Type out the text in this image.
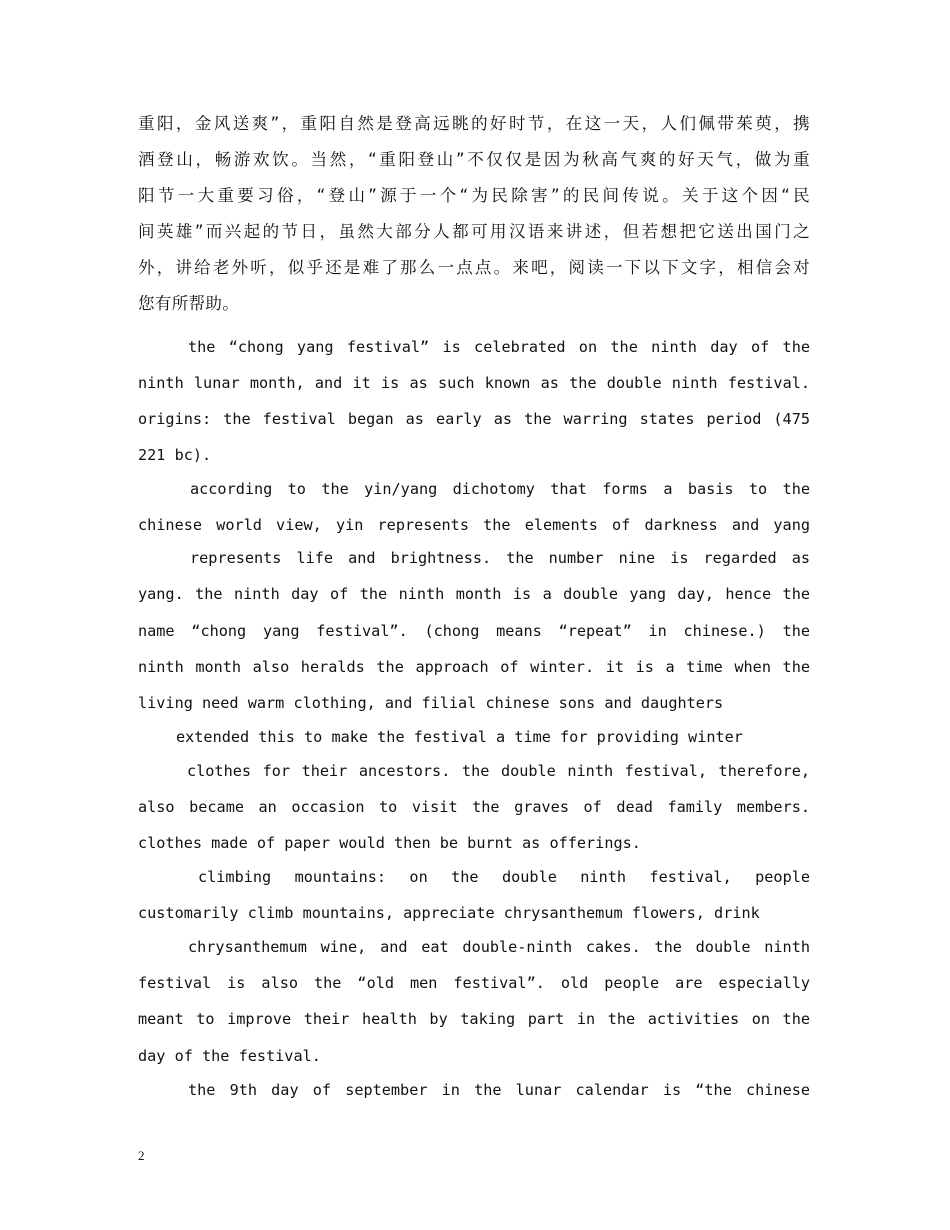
重阳，金风送爽”，重阳自然是登高远眺的好时节，在这一天，人们佩带茱萸，携
酒登山，畅游欢饮。当然，“重阳登山”不仅仅是因为秋高气爽的好天气，做为重
阳节一大重要习俗，“登山”源于一个“为民除害”的民间传说。关于这个因“民
间英雄”而兴起的节日，虽然大部分人都可用汉语来讲述，但若想把它送出国门之
外，讲给老外听，似乎还是难了那么一点点。来吧，阅读一下以下文字，相信会对
您有所帮助。
the “chong yang festival” is celebrated on the ninth day of the
ninth lunar month, and it is as such known as the double ninth festival.
origins: the festival began as early as the warring states period (475
221 bc).
according to the yin/yang dichotomy that forms a basis to the
chinese world view, yin represents the elements of darkness and yang
represents life and brightness. the number nine is regarded as
yang. the ninth day of the ninth month is a double yang day, hence the
name “chong yang festival”. (chong means “repeat” in chinese.) the
ninth month also heralds the approach of winter. it is a time when the
living need warm clothing, and filial chinese sons and daughters
extended this to make the festival a time for providing winter
clothes for their ancestors. the double ninth festival, therefore,
also became an occasion to visit the graves of dead family members.
clothes made of paper would then be burnt as offerings.
climbing mountains: on the double ninth festival, people
customarily climb mountains, appreciate chrysanthemum flowers, drink
chrysanthemum wine, and eat double-ninth cakes. the double ninth
festival is also the “old men festival”. old people are especially
meant to improve their health by taking part in the activities on the
day of the festival.
the 9th day of september in the lunar calendar is “the chinese
2
